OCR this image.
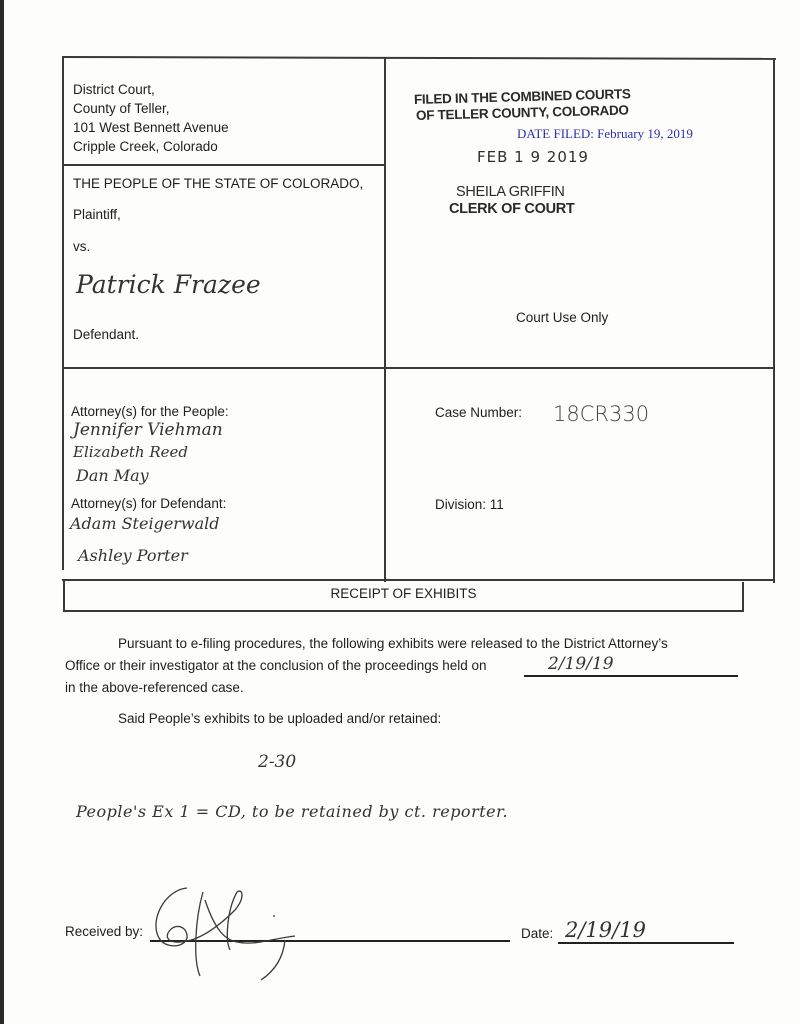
District Court,
County of Teller,
101 West Bennett Avenue
Cripple Creek, Colorado
THE PEOPLE OF THE STATE OF COLORADO,
Plaintiff,
vs.
Patrick Frazee
Defendant.
FILED IN THE COMBINED COURTS
OF TELLER COUNTY, COLORADO
DATE FILED: February 19, 2019
FEB 1 9 2019
SHEILA GRIFFIN
CLERK OF COURT
Court Use Only
Attorney(s) for the People:
Jennifer Viehman
Elizabeth Reed
Dan May
Attorney(s) for Defendant:
Adam Steigerwald
Ashley Porter
Case Number: 18CR330
Division: 11
RECEIPT OF EXHIBITS
Pursuant to e-filing procedures, the following exhibits were released to the District Attorney’s
Office or their investigator at the conclusion of the proceedings held on	2/19/19
in the above-referenced case.
Said People’s exhibits to be uploaded and/or retained:
2-30
People's Ex 1 = CD, to be retained by ct. reporter.
Received by:	Date: 2/19/19
